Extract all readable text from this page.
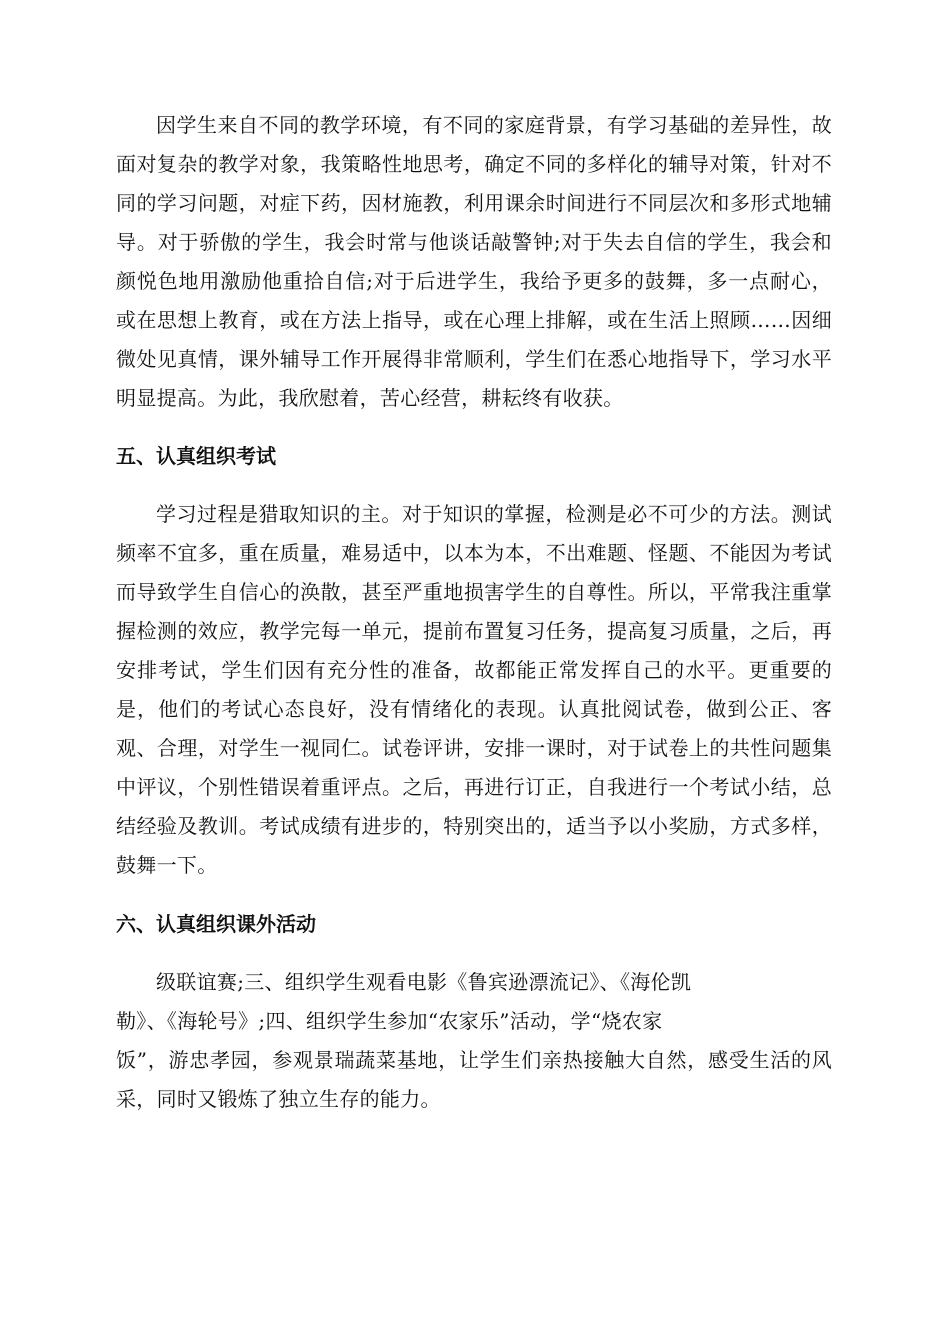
因学生来自不同的教学环境，有不同的家庭背景，有学习基础的差异性，故面对复杂的教学对象，我策略性地思考，确定不同的多样化的辅导对策，针对不同的学习问题，对症下药，因材施教，利用课余时间进行不同层次和多形式地辅导。对于骄傲的学生，我会时常与他谈话敲警钟;对于失去自信的学生，我会和颜悦色地用激励他重拾自信;对于后进学生，我给予更多的鼓舞，多一点耐心，或在思想上教育，或在方法上指导，或在心理上排解，或在生活上照顾……因细微处见真情，课外辅导工作开展得非常顺利，学生们在悉心地指导下，学习水平明显提高。为此，我欣慰着，苦心经营，耕耘终有收获。

五、认真组织考试

学习过程是猎取知识的主。对于知识的掌握，检测是必不可少的方法。测试频率不宜多，重在质量，难易适中，以本为本，不出难题、怪题、不能因为考试而导致学生自信心的涣散，甚至严重地损害学生的自尊性。所以，平常我注重掌握检测的效应，教学完每一单元，提前布置复习任务，提高复习质量，之后，再安排考试，学生们因有充分性的准备，故都能正常发挥自己的水平。更重要的是，他们的考试心态良好，没有情绪化的表现。认真批阅试卷，做到公正、客观、合理，对学生一视同仁。试卷评讲，安排一课时，对于试卷上的共性问题集中评议，个别性错误着重评点。之后，再进行订正，自我进行一个考试小结，总结经验及教训。考试成绩有进步的，特别突出的，适当予以小奖励，方式多样，鼓舞一下。

六、认真组织课外活动

级联谊赛;三、组织学生观看电影《鲁宾逊漂流记》、《海伦凯
勒》、《海轮号》;四、组织学生参加“农家乐”活动，学“烧农家
饭”，游忠孝园，参观景瑞蔬菜基地，让学生们亲热接触大自然，感受生活的风采，同时又锻炼了独立生存的能力。
